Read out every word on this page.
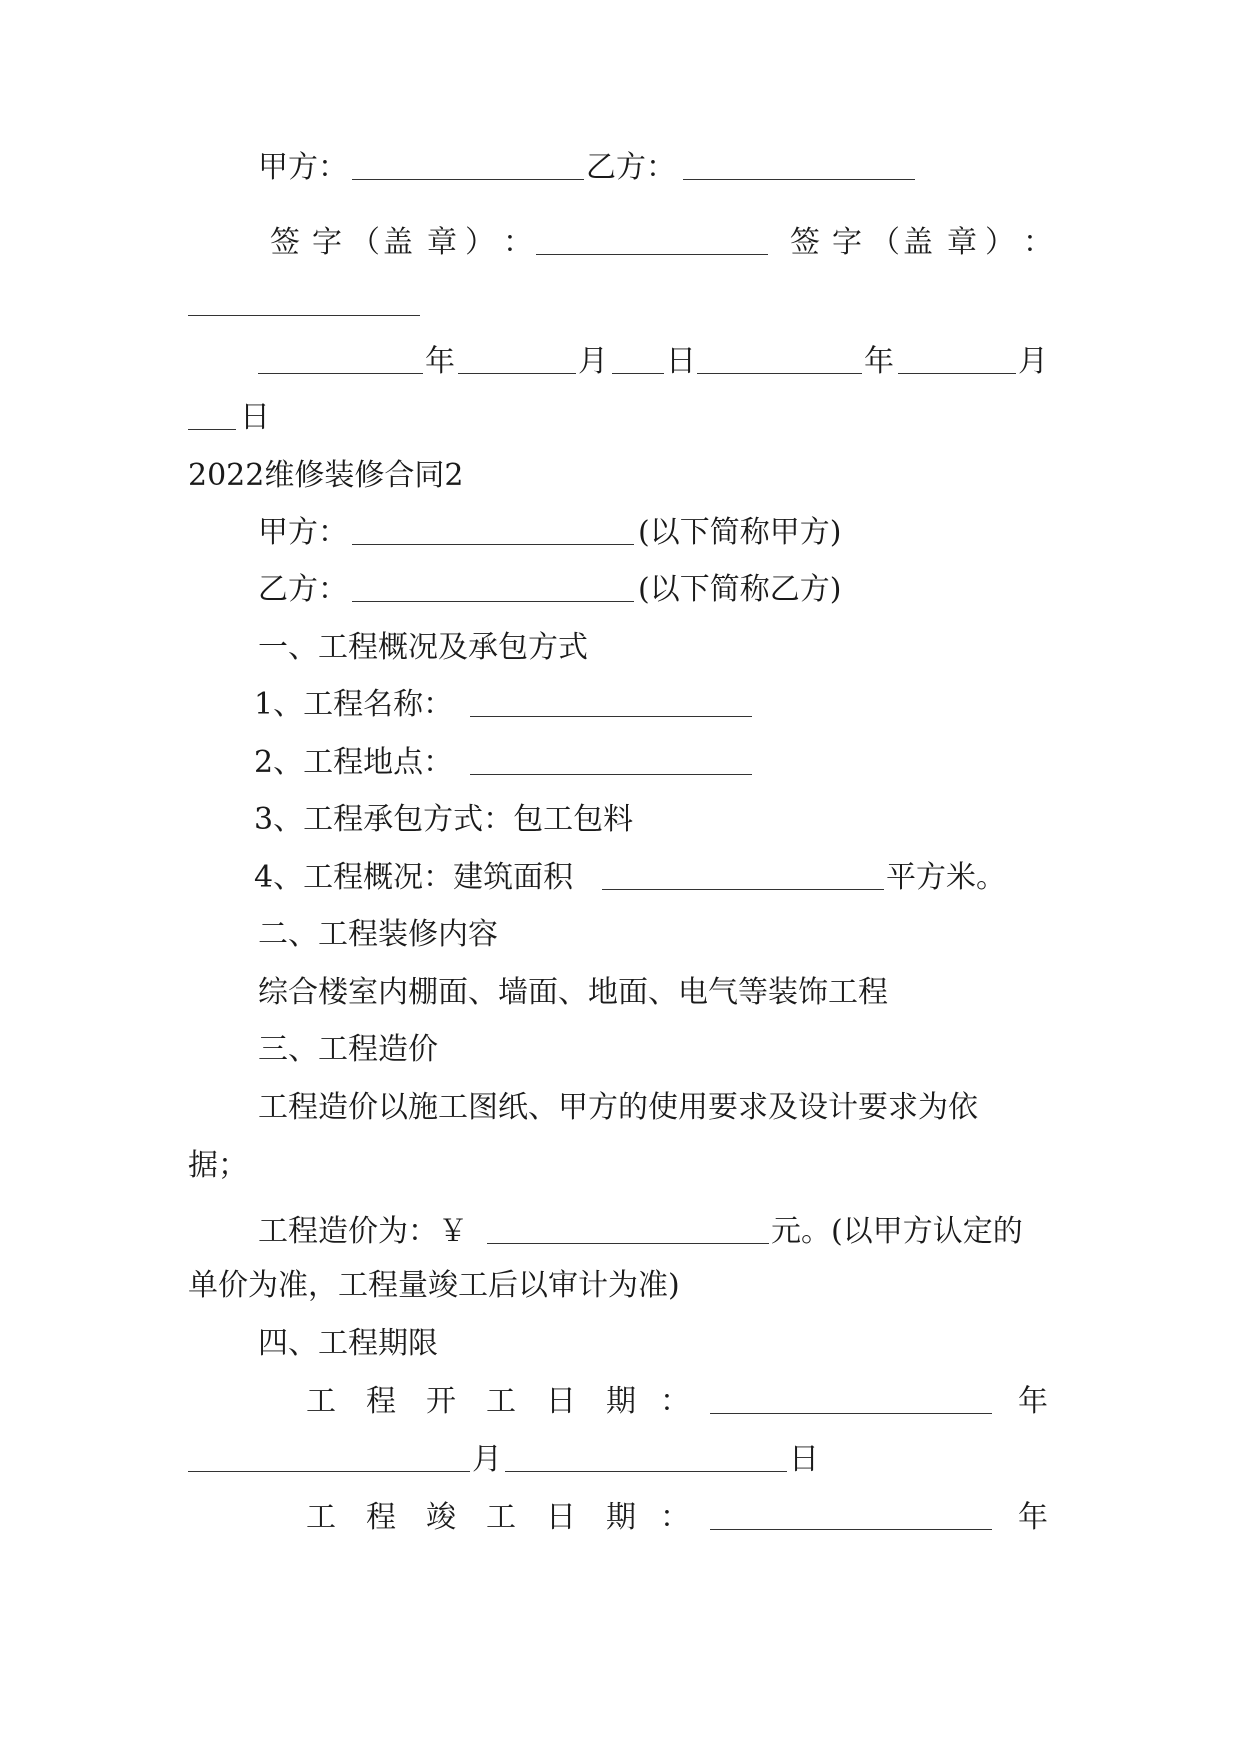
甲方：	乙方：
签 字 （ 盖 章 ） ：	签 字 （ 盖 章 ） ：
年	月 日	年	月
日
2022维修装修合同2
甲方：	(以下简称甲方)
乙方：	(以下简称乙方)
一、工程概况及承包方式
1、工程名称：
2、工程地点：
3、工程承包方式：包工包料
4、工程概况：建筑面积	平方米。
二、工程装修内容
综合楼室内棚面、墙面、地面、电气等装饰工程
三、工程造价
工程造价以施工图纸、甲方的使用要求及设计要求为依
据；
工程造价为：￥	元。(以甲方认定的
单价为准，工程量竣工后以审计为准)
四、工程期限
工 程 开 工 日 期 ：	年
月	日
工 程 竣 工 日 期 ：	年
